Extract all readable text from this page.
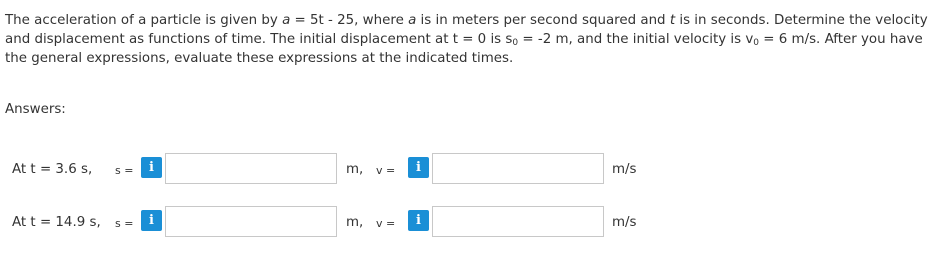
The acceleration of a particle is given by a = 5t - 25, where a is in meters per second squared and t is in seconds. Determine the velocity and displacement as functions of time. The initial displacement at t = 0 is $s_0 = -2$ m, and the initial velocity is $v_0 = 6$ m/s. After you have the general expressions, evaluate these expressions at the indicated times.
Answers:
At t = 3.6 s, s =	i	m, v =	i	m/s
At t = 14.9 s, s =	i	m, v =	i	m/s
